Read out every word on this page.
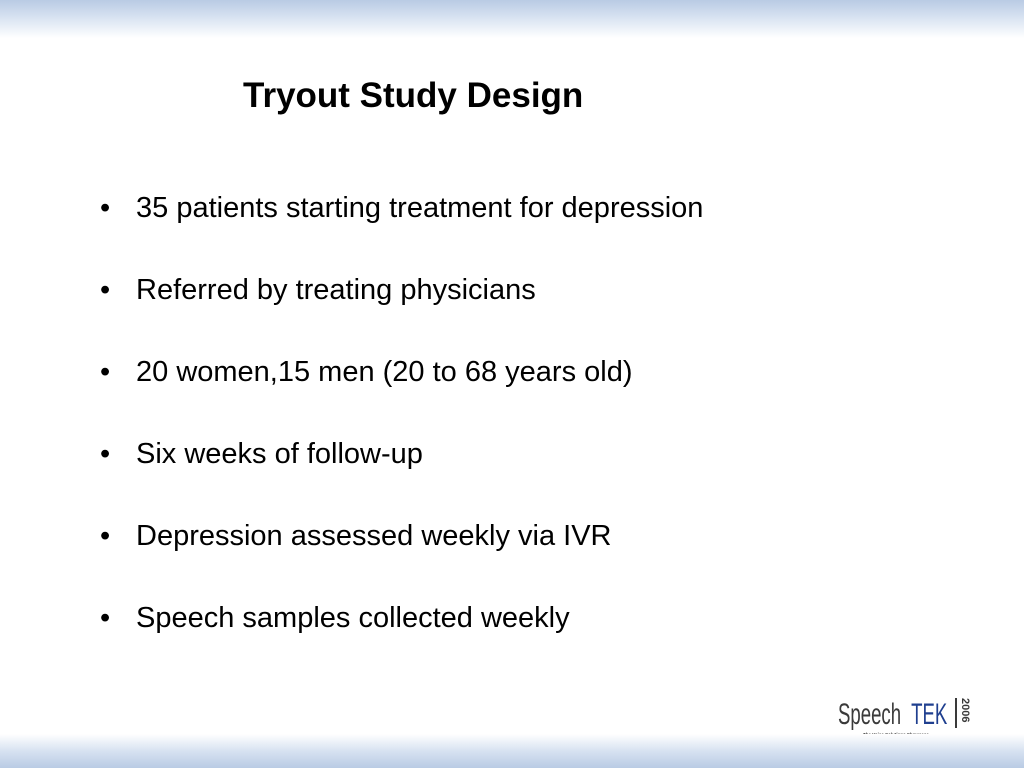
Tryout Study Design
• 35 patients starting treatment for depression
• Referred by treating physicians
• 20 women,15 men (20 to 68 years old)
• Six weeks of follow-up
• Depression assessed weekly via IVR
• Speech samples collected weekly
Speech TEK 2006
